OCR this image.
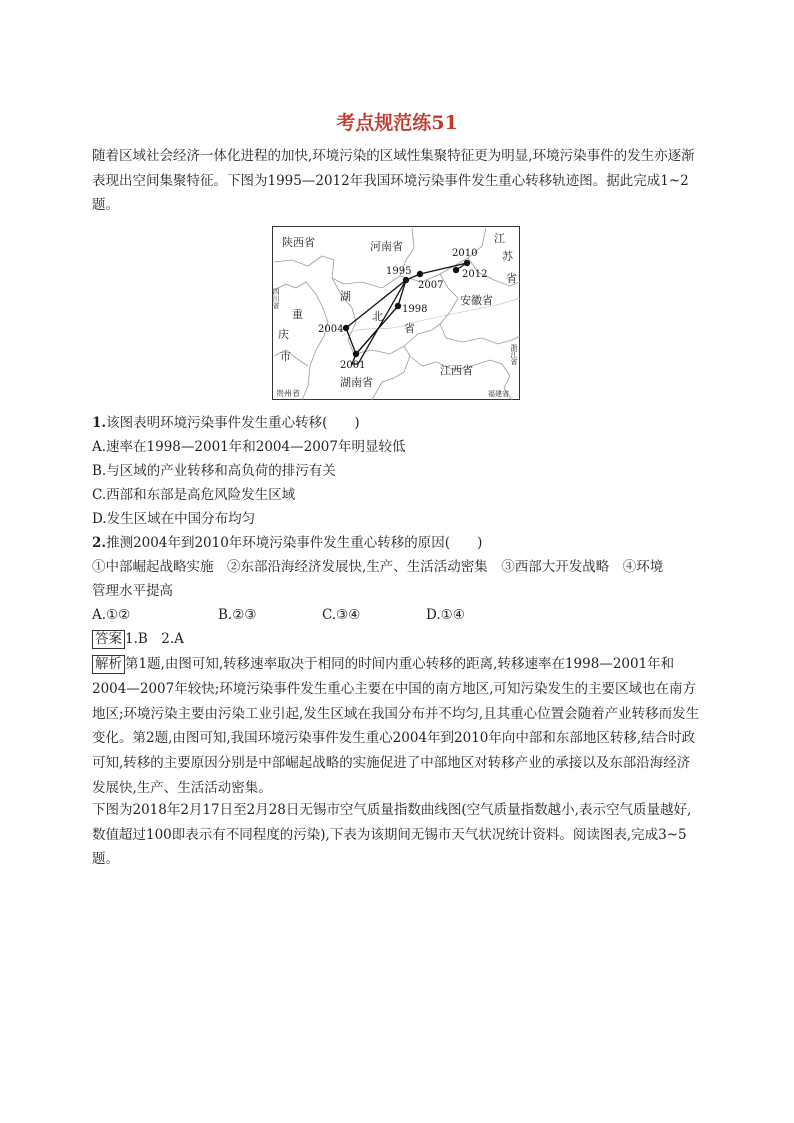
考点规范练51
随着区域社会经济一体化进程的加快,环境污染的区域性集聚特征更为明显,环境污染事件的发生亦逐渐表现出空间集聚特征。下图为1995—2012年我国环境污染事件发生重心转移轨迹图。据此完成1~2题。
陕西省	河南省
江
苏
省
湖
北
省
安徽省
重
庆
市
湖南省
江西省
四川省
浙江省
贵州省	福建省
2010
2012
1995
2007
1998
2004
2001
1.该图表明环境污染事件发生重心转移(　　)
A.速率在1998—2001年和2004—2007年明显较低
B.与区域的产业转移和高负荷的排污有关
C.西部和东部是高危风险发生区域
D.发生区域在中国分布均匀
2.推测2004年到2010年环境污染事件发生重心转移的原因(　　)
①中部崛起战略实施　②东部沿海经济发展快,生产、生活活动密集　③西部大开发战略　④环境
管理水平提高
A.①②	B.②③	C.③④	D.①④
答案 1.B　2.A
解析 第1题,由图可知,转移速率取决于相同的时间内重心转移的距离,转移速率在1998—2001年和2004—2007年较快;环境污染事件发生重心主要在中国的南方地区,可知污染发生的主要区域也在南方地区;环境污染主要由污染工业引起,发生区域在我国分布并不均匀,且其重心位置会随着产业转移而发生变化。第2题,由图可知,我国环境污染事件发生重心2004年到2010年向中部和东部地区转移,结合时政可知,转移的主要原因分别是中部崛起战略的实施促进了中部地区对转移产业的承接以及东部沿海经济发展快,生产、生活活动密集。
下图为2018年2月17日至2月28日无锡市空气质量指数曲线图(空气质量指数越小,表示空气质量越好,数值超过100即表示有不同程度的污染),下表为该期间无锡市天气状况统计资料。阅读图表,完成3~5题。
